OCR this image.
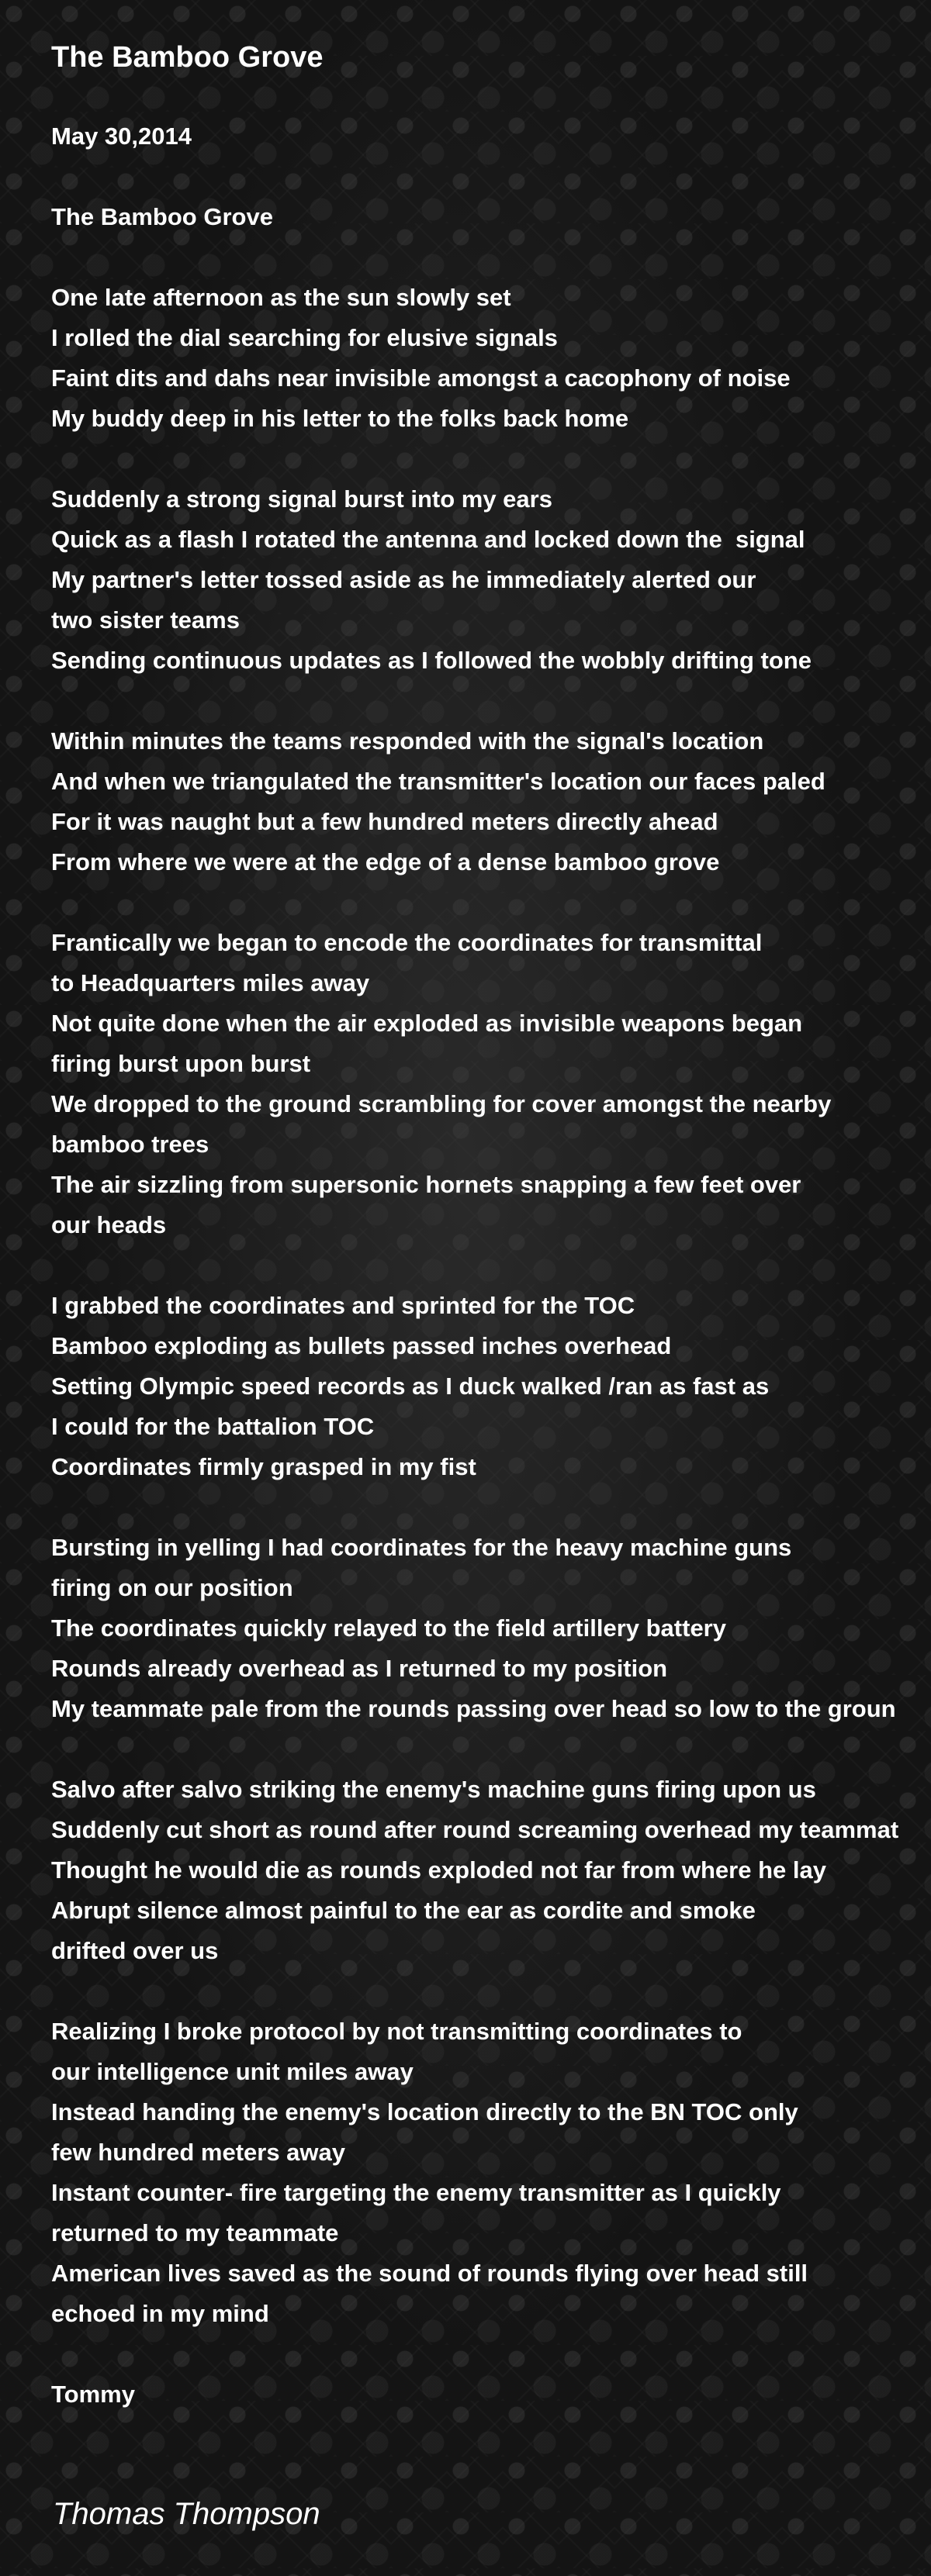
The Bamboo Grove
May 30,2014

The Bamboo Grove

One late afternoon as the sun slowly set
I rolled the dial searching for elusive signals
Faint dits and dahs near invisible amongst a cacophony of noise
My buddy deep in his letter to the folks back home

Suddenly a strong signal burst into my ears
Quick as a flash I rotated the antenna and locked down the  signal
My partner's letter tossed aside as he immediately alerted our
two sister teams
Sending continuous updates as I followed the wobbly drifting tone

Within minutes the teams responded with the signal's location
And when we triangulated the transmitter's location our faces paled
For it was naught but a few hundred meters directly ahead
From where we were at the edge of a dense bamboo grove

Frantically we began to encode the coordinates for transmittal
to Headquarters miles away
Not quite done when the air exploded as invisible weapons began
firing burst upon burst
We dropped to the ground scrambling for cover amongst the nearby
bamboo trees
The air sizzling from supersonic hornets snapping a few feet over
our heads

I grabbed the coordinates and sprinted for the TOC
Bamboo exploding as bullets passed inches overhead
Setting Olympic speed records as I duck walked /ran as fast as
I could for the battalion TOC
Coordinates firmly grasped in my fist

Bursting in yelling I had coordinates for the heavy machine guns
firing on our position
The coordinates quickly relayed to the field artillery battery
Rounds already overhead as I returned to my position
My teammate pale from the rounds passing over head so low to the groun

Salvo after salvo striking the enemy's machine guns firing upon us
Suddenly cut short as round after round screaming overhead my teammat
Thought he would die as rounds exploded not far from where he lay
Abrupt silence almost painful to the ear as cordite and smoke
drifted over us

Realizing I broke protocol by not transmitting coordinates to
our intelligence unit miles away
Instead handing the enemy's location directly to the BN TOC only
few hundred meters away
Instant counter- fire targeting the enemy transmitter as I quickly
returned to my teammate
American lives saved as the sound of rounds flying over head still
echoed in my mind

Tommy

Thomas Thompson
